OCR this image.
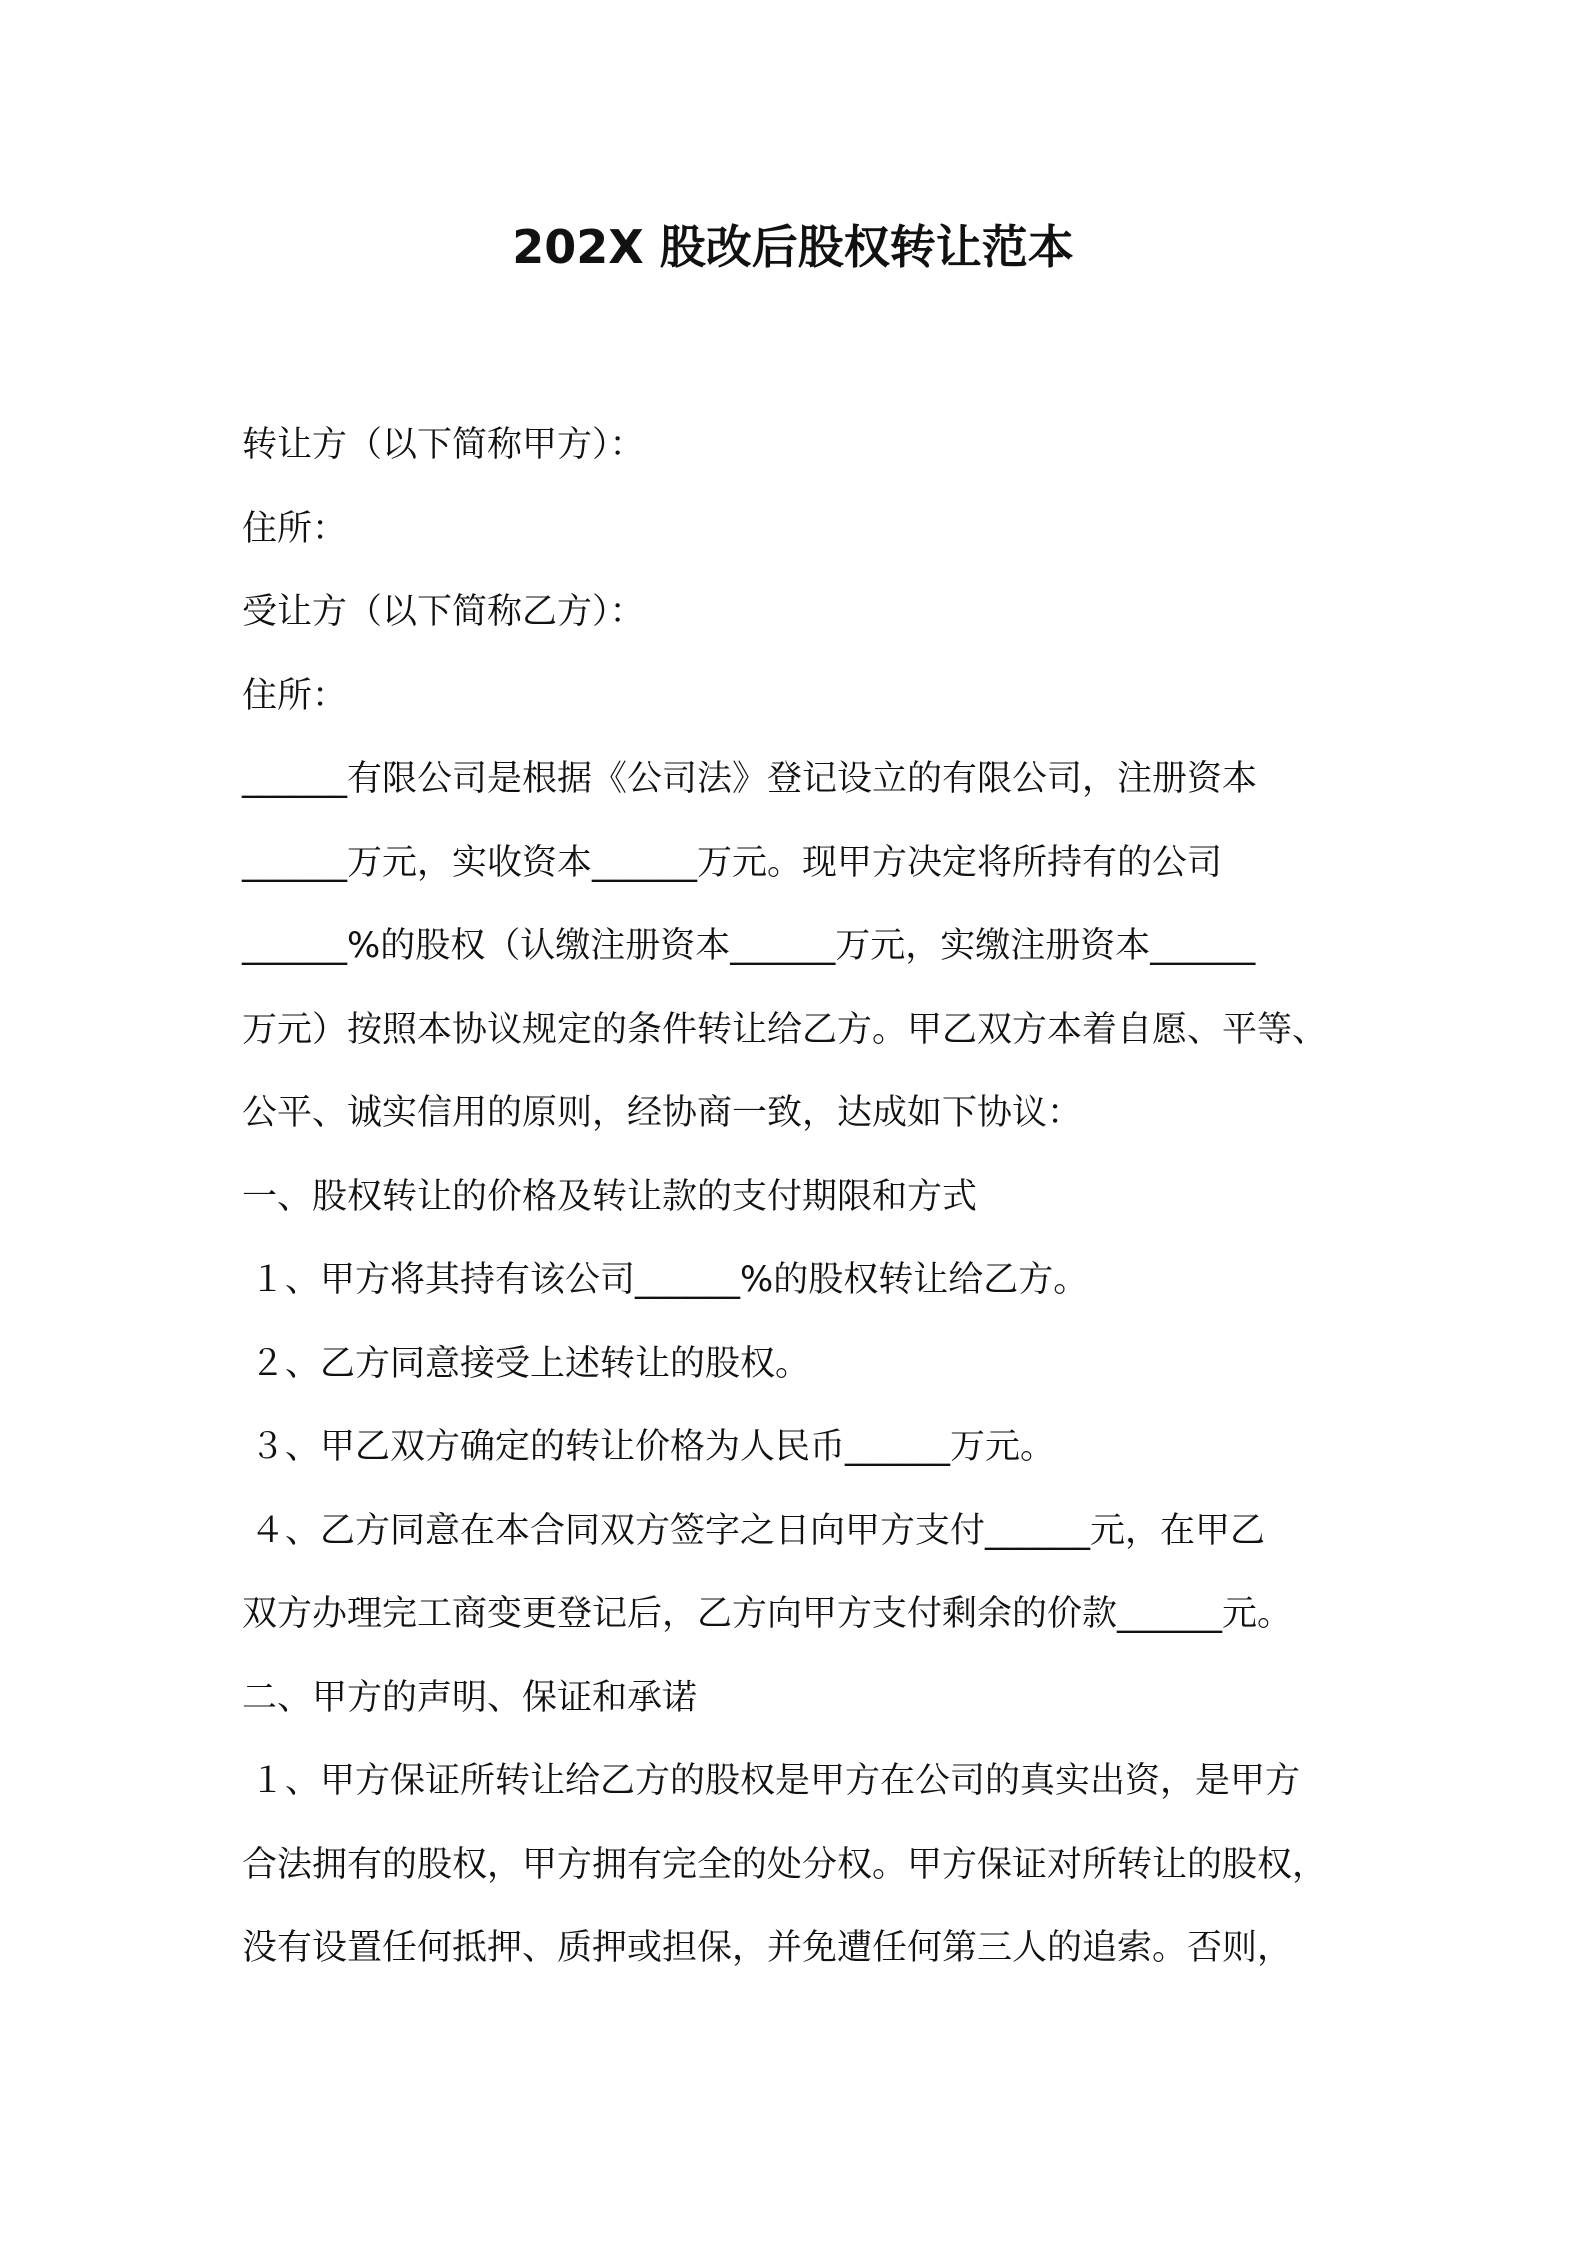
202X 股改后股权转让范本
转让方（以下简称甲方）：
住所：
受让方（以下简称乙方）：
住所：
______有限公司是根据《公司法》登记设立的有限公司，注册资本
______万元，实收资本______万元。现甲方决定将所持有的公司
______%的股权（认缴注册资本______万元，实缴注册资本______
万元）按照本协议规定的条件转让给乙方。甲乙双方本着自愿、平等、
公平、诚实信用的原则，经协商一致，达成如下协议：
一、股权转让的价格及转让款的支付期限和方式
１、甲方将其持有该公司______%的股权转让给乙方。
２、乙方同意接受上述转让的股权。
３、甲乙双方确定的转让价格为人民币______万元。
４、乙方同意在本合同双方签字之日向甲方支付______元，在甲乙
双方办理完工商变更登记后，乙方向甲方支付剩余的价款______元。
二、甲方的声明、保证和承诺
１、甲方保证所转让给乙方的股权是甲方在公司的真实出资，是甲方
合法拥有的股权，甲方拥有完全的处分权。甲方保证对所转让的股权，
没有设置任何抵押、质押或担保，并免遭任何第三人的追索。否则，
